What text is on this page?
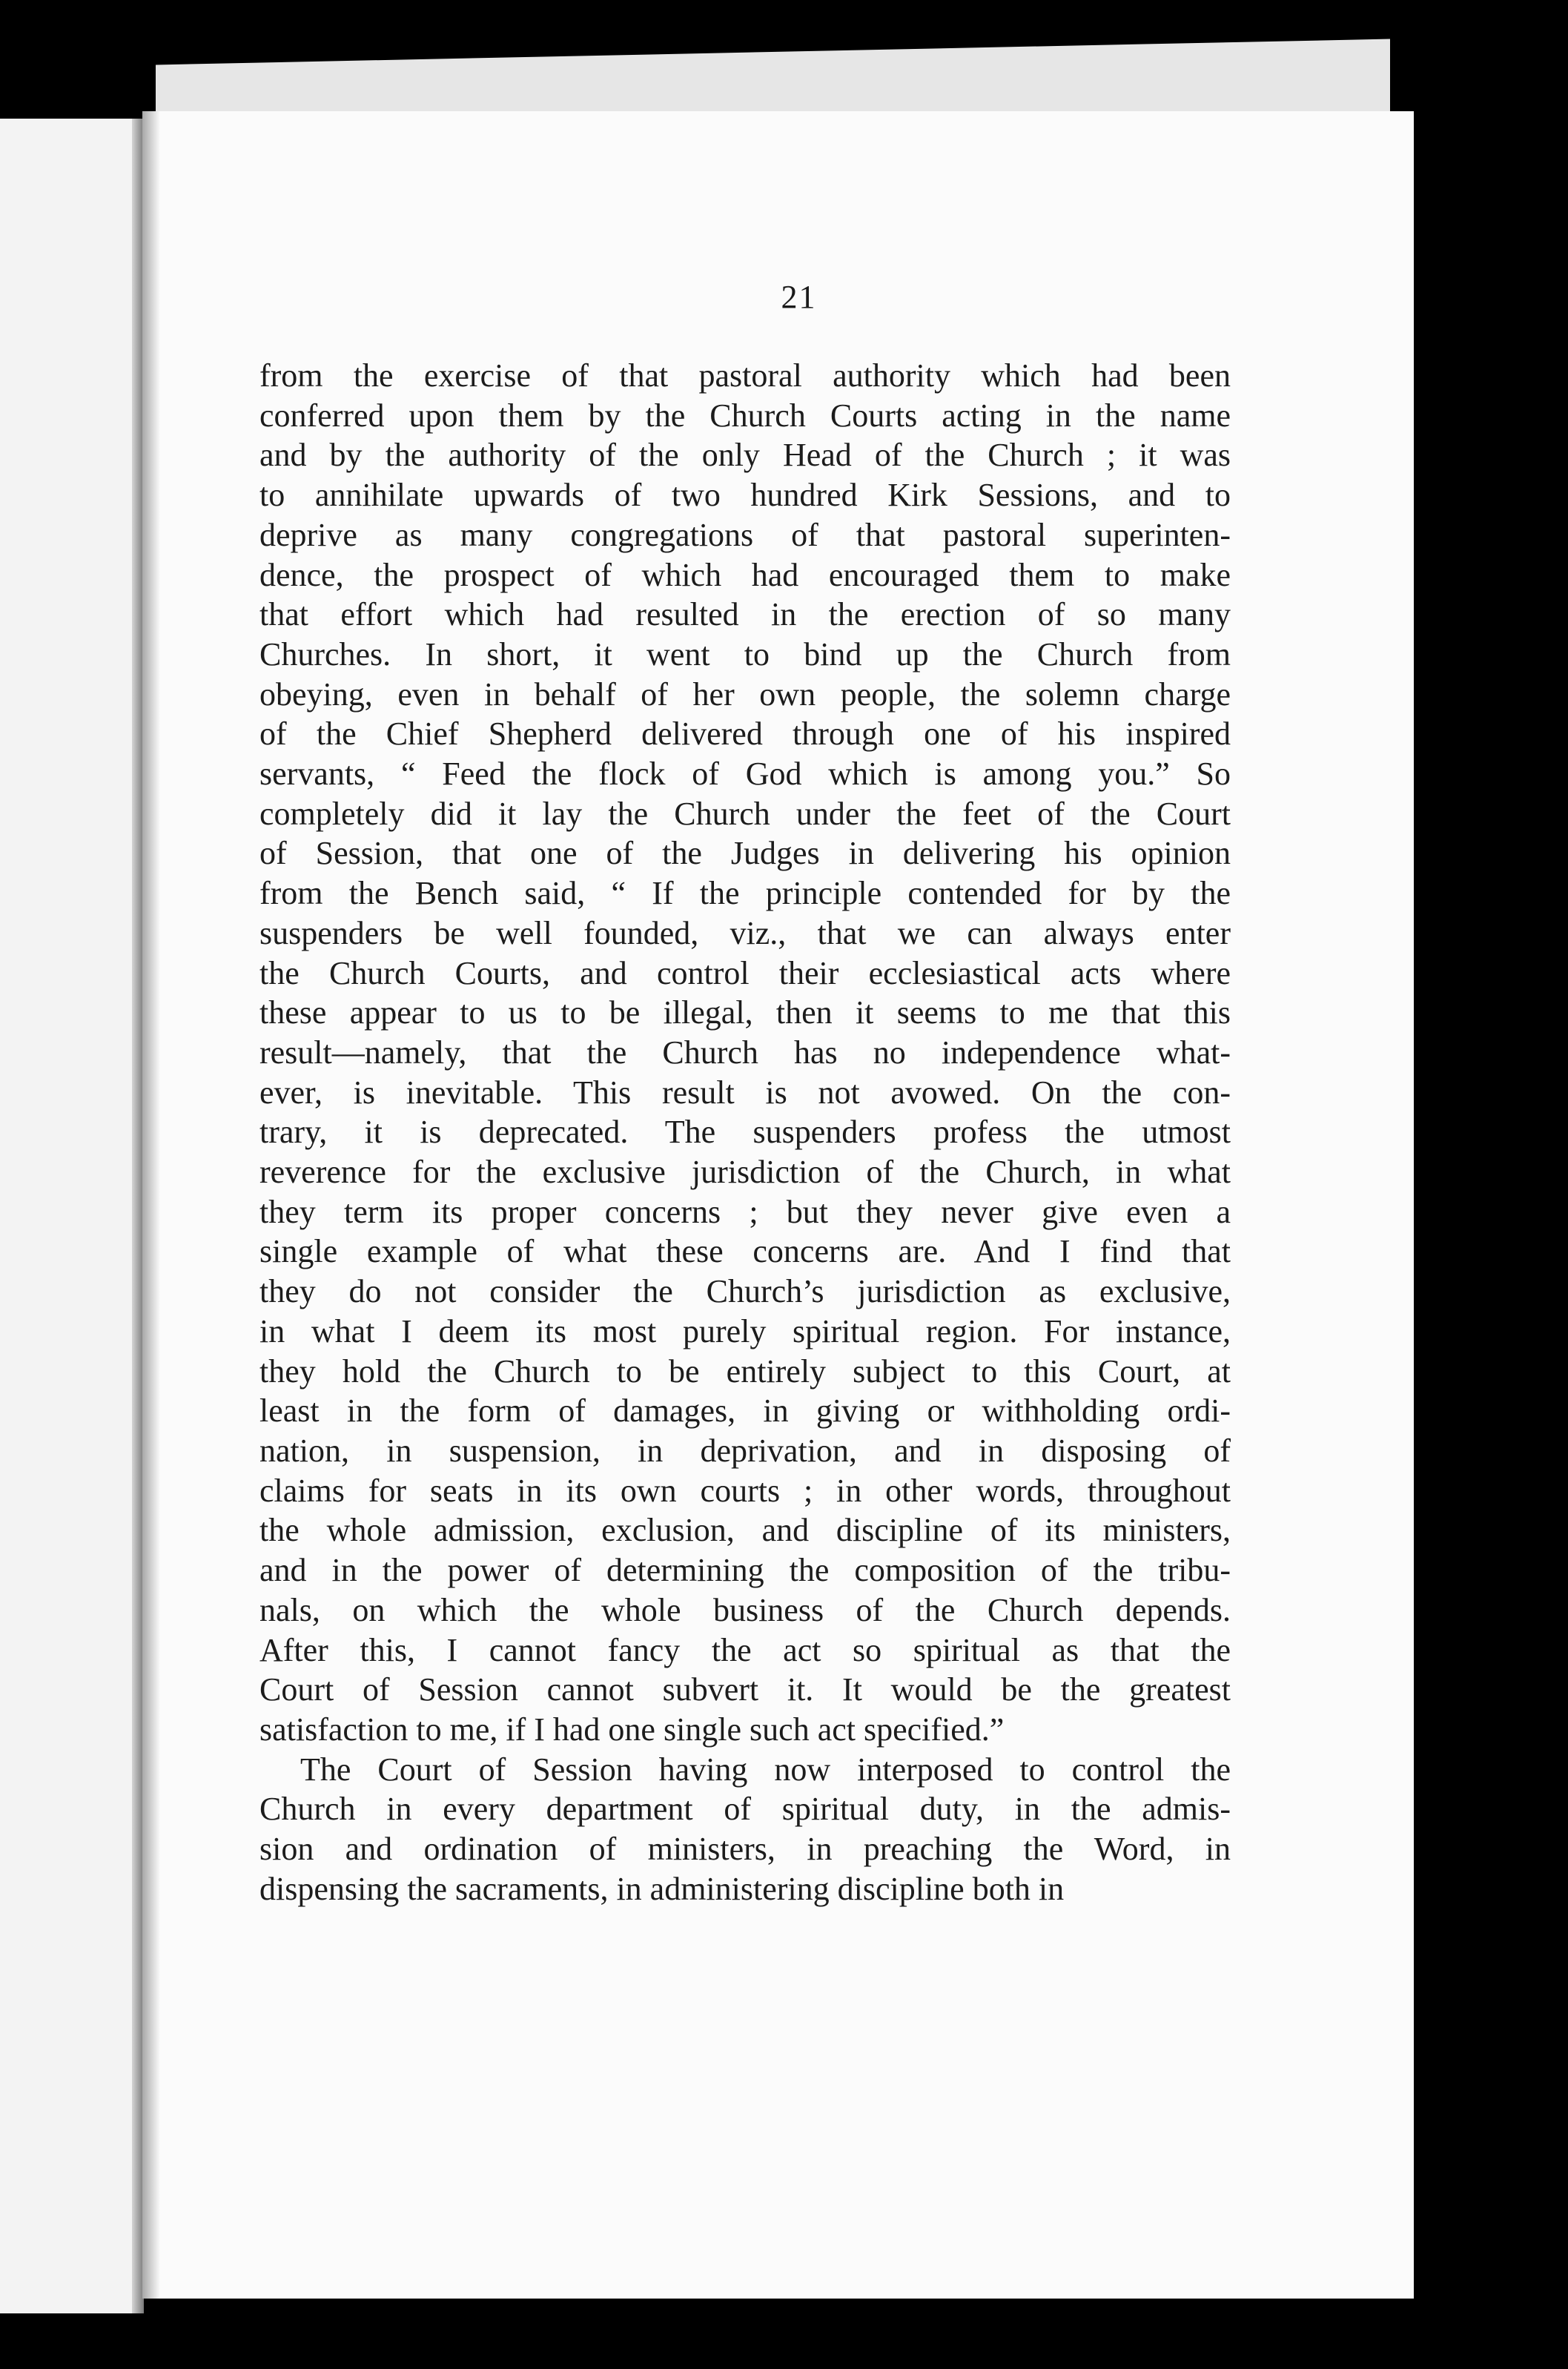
21
from the exercise of that pastoral authority which had been
conferred upon them by the Church Courts acting in the name
and by the authority of the only Head of the Church ; it was
to annihilate upwards of two hundred Kirk Sessions, and to
deprive as many congregations of that pastoral superinten-
dence, the prospect of which had encouraged them to make
that effort which had resulted in the erection of so many
Churches. In short, it went to bind up the Church from
obeying, even in behalf of her own people, the solemn charge
of the Chief Shepherd delivered through one of his inspired
servants, “ Feed the flock of God which is among you.” So
completely did it lay the Church under the feet of the Court
of Session, that one of the Judges in delivering his opinion
from the Bench said, “ If the principle contended for by the
suspenders be well founded, viz., that we can always enter
the Church Courts, and control their ecclesiastical acts where
these appear to us to be illegal, then it seems to me that this
result—namely, that the Church has no independence what-
ever, is inevitable. This result is not avowed. On the con-
trary, it is deprecated. The suspenders profess the utmost
reverence for the exclusive jurisdiction of the Church, in what
they term its proper concerns ; but they never give even a
single example of what these concerns are. And I find that
they do not consider the Church’s jurisdiction as exclusive,
in what I deem its most purely spiritual region. For instance,
they hold the Church to be entirely subject to this Court, at
least in the form of damages, in giving or withholding ordi-
nation, in suspension, in deprivation, and in disposing of
claims for seats in its own courts ; in other words, throughout
the whole admission, exclusion, and discipline of its ministers,
and in the power of determining the composition of the tribu-
nals, on which the whole business of the Church depends.
After this, I cannot fancy the act so spiritual as that the
Court of Session cannot subvert it. It would be the greatest
satisfaction to me, if I had one single such act specified.”
The Court of Session having now interposed to control the
Church in every department of spiritual duty, in the admis-
sion and ordination of ministers, in preaching the Word, in
dispensing the sacraments, in administering discipline both in
